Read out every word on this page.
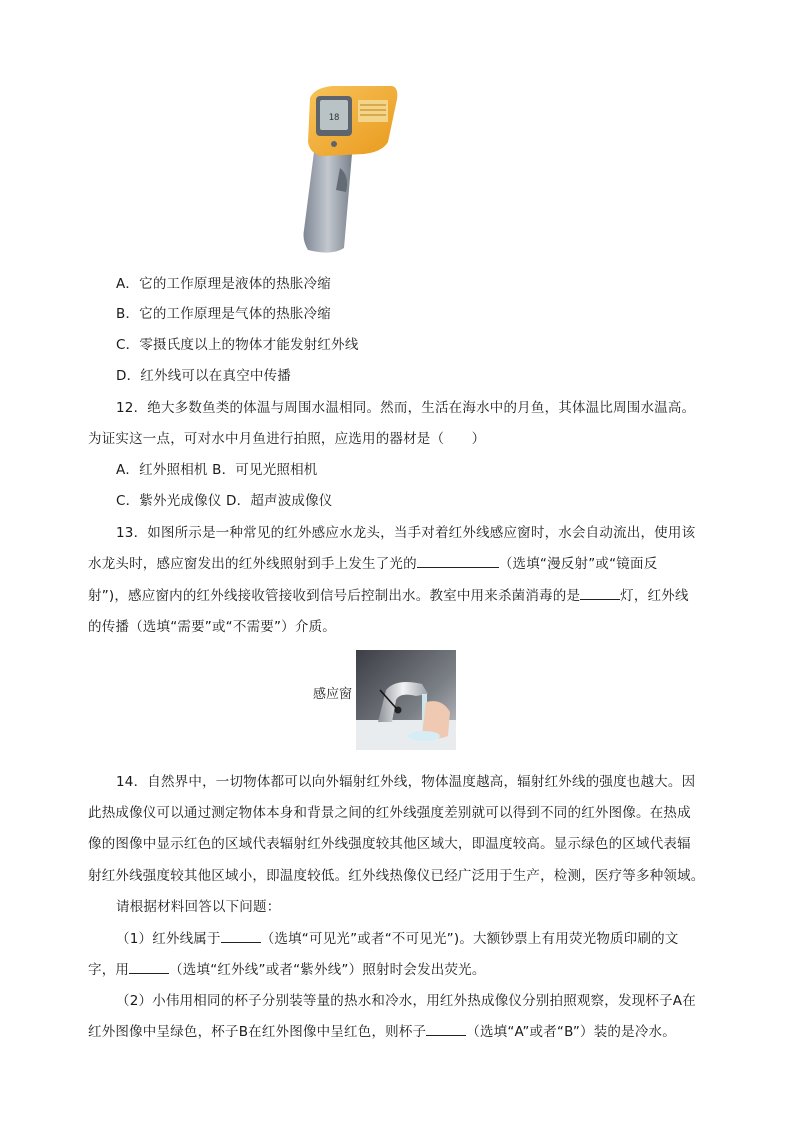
18
A．它的工作原理是液体的热胀冷缩
B．它的工作原理是气体的热胀冷缩
C．零摄氏度以上的物体才能发射红外线
D．红外线可以在真空中传播
12．绝大多数鱼类的体温与周围水温相同。然而，生活在海水中的月鱼，其体温比周围水温高。
为证实这一点，可对水中月鱼进行拍照，应选用的器材是（　　）
A．红外照相机 B．可见光照相机
C．紫外光成像仪 D．超声波成像仪
13．如图所示是一种常见的红外感应水龙头，当手对着红外线感应窗时，水会自动流出，使用该
水龙头时，感应窗发出的红外线照射到手上发生了光的	（选填“漫反射”或“镜面反
射”)，感应窗内的红外线接收管接收到信号后控制出水。教室中用来杀菌消毒的是	灯，红外线
的传播（选填“需要”或“不需要”）介质。
感应窗
14．自然界中，一切物体都可以向外辐射红外线，物体温度越高，辐射红外线的强度也越大。因
此热成像仪可以通过测定物体本身和背景之间的红外线强度差别就可以得到不同的红外图像。在热成
像的图像中显示红色的区域代表辐射红外线强度较其他区域大，即温度较高。显示绿色的区域代表辐
射红外线强度较其他区域小，即温度较低。红外线热像仪已经广泛用于生产，检测，医疗等多种领域。
请根据材料回答以下问题：
（1）红外线属于	（选填“可见光”或者“不可见光”)。大额钞票上有用荧光物质印刷的文
字，用	（选填“红外线”或者“紫外线”）照射时会发出荧光。
（2）小伟用相同的杯子分别装等量的热水和冷水，用红外热成像仪分别拍照观察，发现杯子A在
红外图像中呈绿色，杯子B在红外图像中呈红色，则杯子	（选填“A”或者“B”）装的是冷水。
